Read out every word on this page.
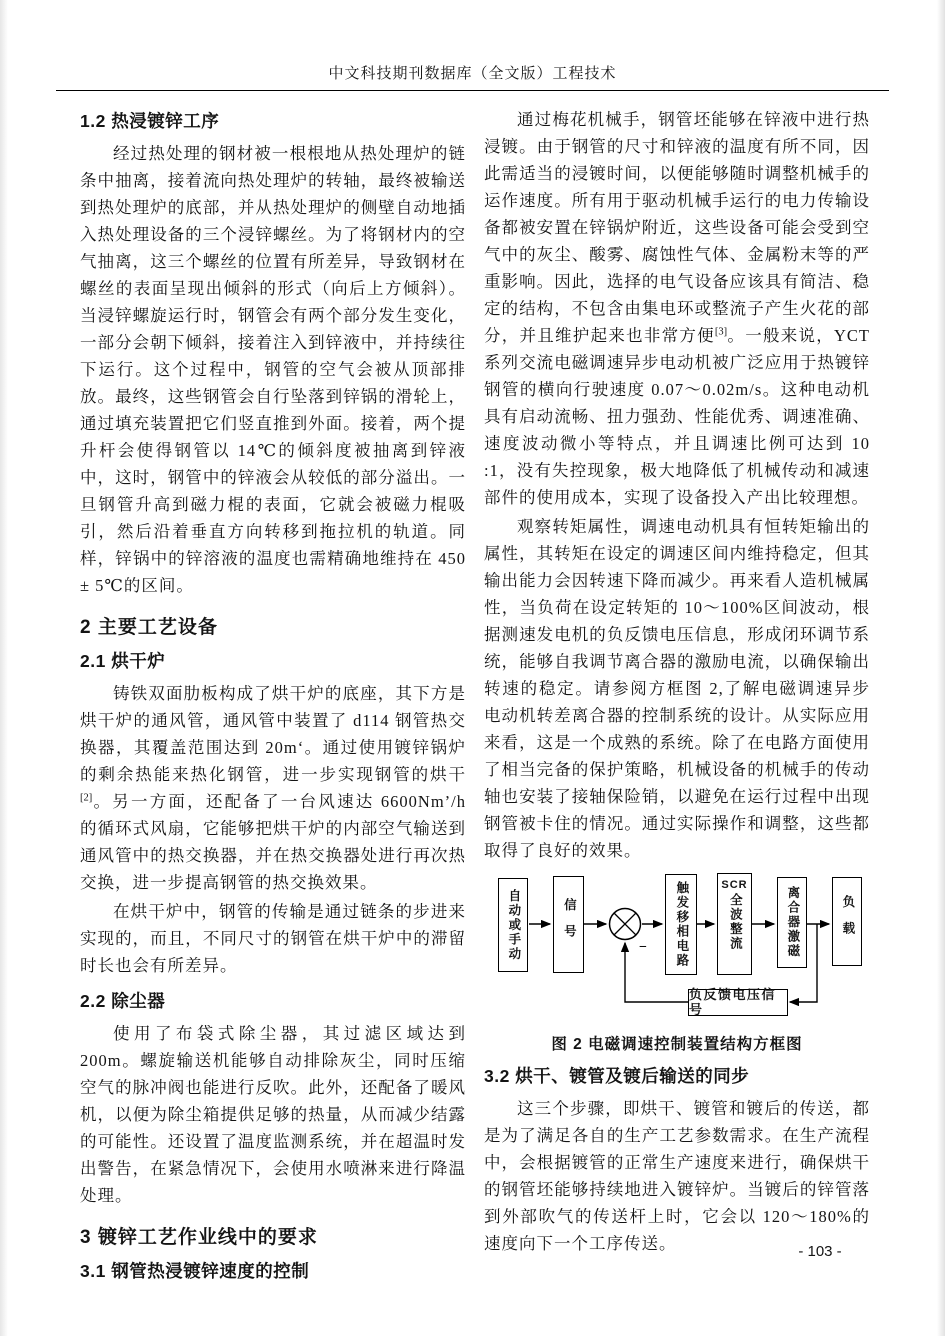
中文科技期刊数据库（全文版）工程技术
1.2 热浸镀锌工序

经过热处理的钢材被一根根地从热处理炉的链条中抽离，接着流向热处理炉的转轴，最终被输送到热处理炉的底部，并从热处理炉的侧壁自动地插入热处理设备的三个浸锌螺丝。为了将钢材内的空气抽离，这三个螺丝的位置有所差异，导致钢材在螺丝的表面呈现出倾斜的形式（向后上方倾斜）。当浸锌螺旋运行时，钢管会有两个部分发生变化，一部分会朝下倾斜，接着注入到锌液中，并持续往下运行。这个过程中，钢管的空气会被从顶部排放。最终，这些钢管会自行坠落到锌锅的滑轮上，通过填充装置把它们竖直推到外面。接着，两个提升杆会使得钢管以 14℃的倾斜度被抽离到锌液中，这时，钢管中的锌液会从较低的部分溢出。一旦钢管升高到磁力棍的表面，它就会被磁力棍吸引，然后沿着垂直方向转移到拖拉机的轨道。同样，锌锅中的锌溶液的温度也需精确地维持在 450 ± 5℃的区间。

2 主要工艺设备
2.1 烘干炉

铸铁双面肋板构成了烘干炉的底座，其下方是烘干炉的通风管，通风管中装置了 d114 钢管热交换器，其覆盖范围达到 20m‘。通过使用镀锌锅炉的剩余热能来热化钢管，进一步实现钢管的烘干[2]。另一方面，还配备了一台风速达 6600Nm’/h 的循环式风扇，它能够把烘干炉的内部空气输送到通风管中的热交换器，并在热交换器处进行再次热交换，进一步提高钢管的热交换效果。

在烘干炉中，钢管的传输是通过链条的步进来实现的，而且，不同尺寸的钢管在烘干炉中的滞留时长也会有所差异。

2.2 除尘器

使用了布袋式除尘器，其过滤区域达到 200m。螺旋输送机能够自动排除灰尘，同时压缩空气的脉冲阀也能进行反吹。此外，还配备了暖风机，以便为除尘箱提供足够的热量，从而减少结露的可能性。还设置了温度监测系统，并在超温时发出警告，在紧急情况下，会使用水喷淋来进行降温处理。

3 镀锌工艺作业线中的要求
3.1 钢管热浸镀锌速度的控制

通过梅花机械手，钢管坯能够在锌液中进行热浸镀。由于钢管的尺寸和锌液的温度有所不同，因此需适当的浸镀时间，以便能够随时调整机械手的运作速度。所有用于驱动机械手运行的电力传输设备都被安置在锌锅炉附近，这些设备可能会受到空气中的灰尘、酸雾、腐蚀性气体、金属粉末等的严重影响。因此，选择的电气设备应该具有简洁、稳定的结构，不包含由集电环或整流子产生火花的部分，并且维护起来也非常方便[3]。一般来说，YCT 系列交流电磁调速异步电动机被广泛应用于热镀锌钢管的横向行驶速度 0.07～0.02m/s。这种电动机具有启动流畅、扭力强劲、性能优秀、调速准确、速度波动微小等特点，并且调速比例可达到 10 :1，没有失控现象，极大地降低了机械传动和减速部件的使用成本，实现了设备投入产出比较理想。

观察转矩属性，调速电动机具有恒转矩输出的属性，其转矩在设定的调速区间内维持稳定，但其输出能力会因转速下降而减少。再来看人造机械属性，当负荷在设定转矩的 10～100%区间波动，根据测速发电机的负反馈电压信息，形成闭环调节系统，能够自我调节离合器的激励电流，以确保输出转速的稳定。请参阅方框图 2,了解电磁调速异步电动机转差离合器的控制系统的设计。从实际应用来看，这是一个成熟的系统。除了在电路方面使用了相当完备的保护策略，机械设备的机械手的传动轴也安装了接轴保险销，以避免在运行过程中出现钢管被卡住的情况。通过实际操作和调整，这些都取得了良好的效果。

−
自动或手动	信号	触发移相电路	SCR
全波整流	离合器激磁	负载
负反馈电压信号
图 2 电磁调速控制装置结构方框图
3.2 烘干、镀管及镀后输送的同步

这三个步骤，即烘干、镀管和镀后的传送，都是为了满足各自的生产工艺参数需求。在生产流程中，会根据镀管的正常生产速度来进行，确保烘干的钢管坯能够持续地进入镀锌炉。当镀后的锌管落到外部吹气的传送杆上时，它会以 120～180%的速度向下一个工序传送。	- 103 -
